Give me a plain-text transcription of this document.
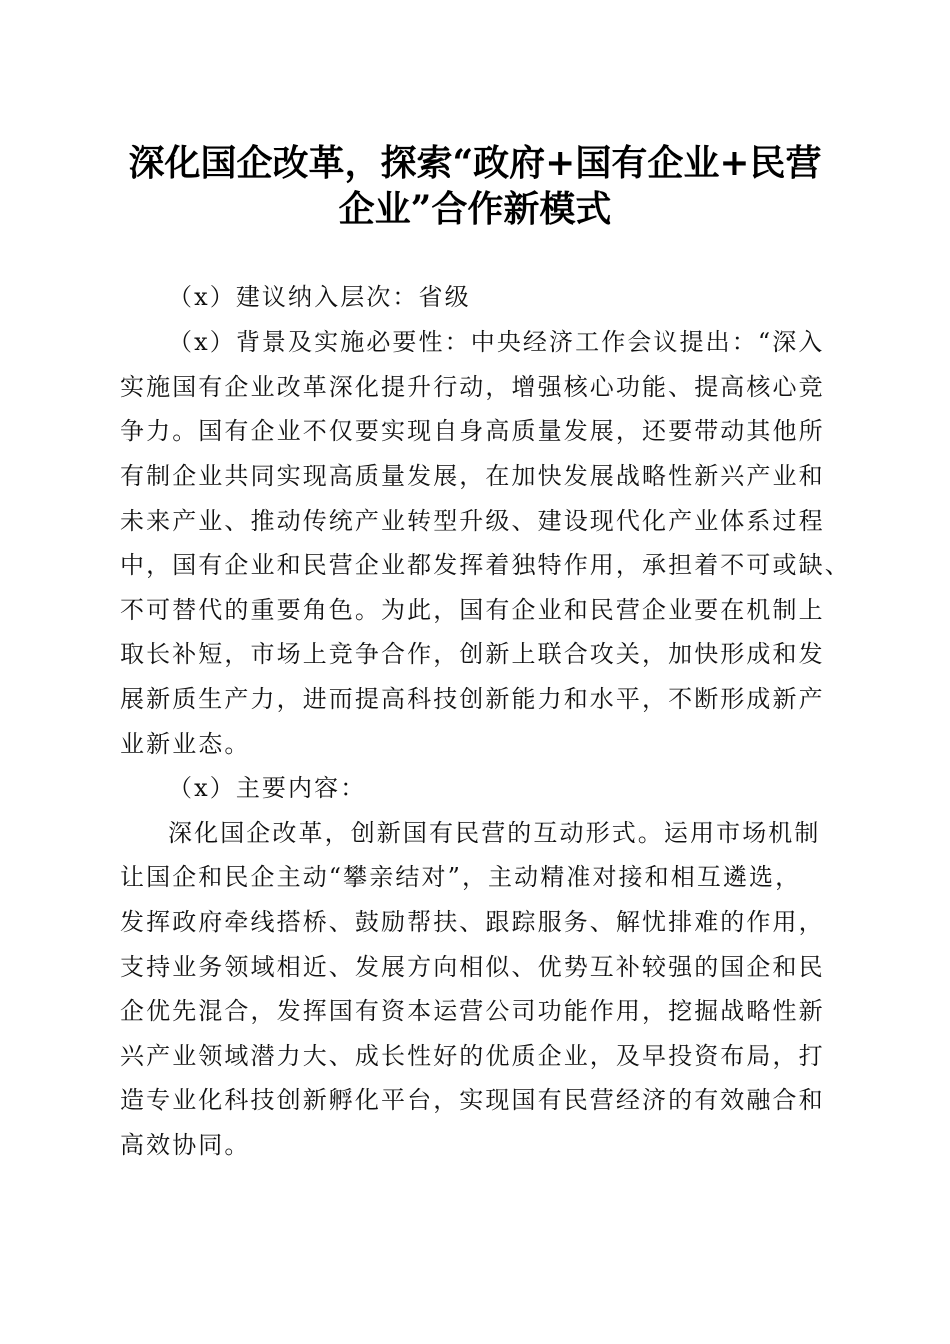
深化国企改革，探索“政府+国有企业+民营
企业”合作新模式
（x）建议纳入层次：省级
（x）背景及实施必要性：中央经济工作会议提出：“深入
实施国有企业改革深化提升行动，增强核心功能、提高核心竞
争力。国有企业不仅要实现自身高质量发展，还要带动其他所
有制企业共同实现高质量发展，在加快发展战略性新兴产业和
未来产业、推动传统产业转型升级、建设现代化产业体系过程
中，国有企业和民营企业都发挥着独特作用，承担着不可或缺、
不可替代的重要角色。为此，国有企业和民营企业要在机制上
取长补短，市场上竞争合作，创新上联合攻关，加快形成和发
展新质生产力，进而提高科技创新能力和水平，不断形成新产
业新业态。
（x）主要内容：
深化国企改革，创新国有民营的互动形式。运用市场机制
让国企和民企主动“攀亲结对”，主动精准对接和相互遴选，
发挥政府牵线搭桥、鼓励帮扶、跟踪服务、解忧排难的作用，
支持业务领域相近、发展方向相似、优势互补较强的国企和民
企优先混合，发挥国有资本运营公司功能作用，挖掘战略性新
兴产业领域潜力大、成长性好的优质企业，及早投资布局，打
造专业化科技创新孵化平台，实现国有民营经济的有效融合和
高效协同。
